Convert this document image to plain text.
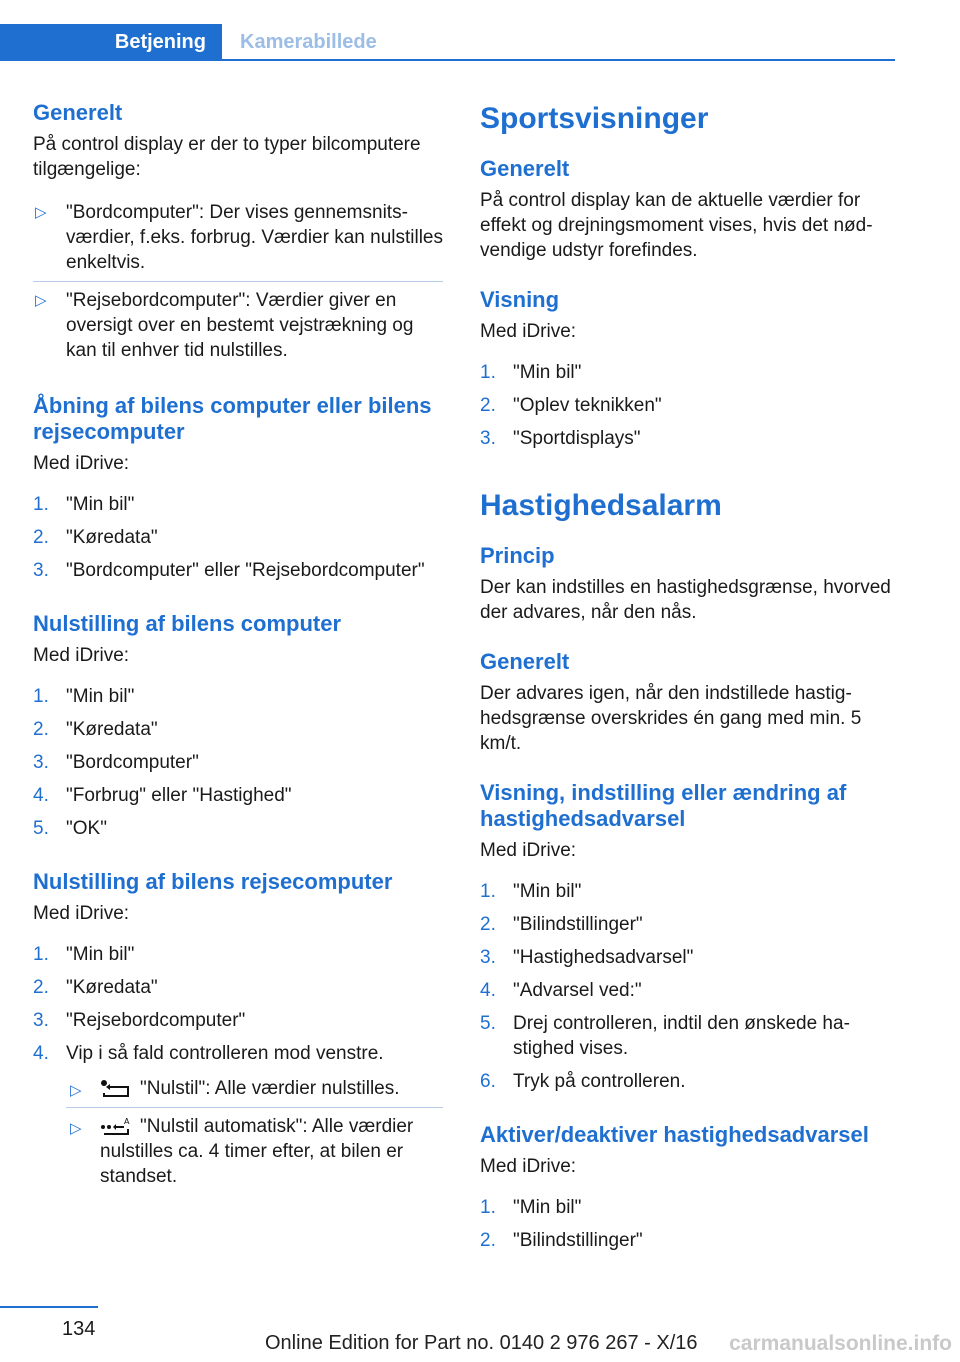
Betjening	Kamerabillede
Generelt

På control display er der to typer bilcomputere tilgængelige:

▷ "Bordcomputer": Der vises gennemsnitsværdier, f.eks. forbrug. Værdier kan nulstilles enkeltvis.
▷ "Rejsebordcomputer": Værdier giver en oversigt over en bestemt vejstrækning og kan til enhver tid nulstilles.
Åbning af bilens computer eller bilens rejsecomputer

Med iDrive:

1. "Min bil"
2. "Køredata"
3. "Bordcomputer" eller "Rejsebordcomputer"
Nulstilling af bilens computer

Med iDrive:

1. "Min bil"
2. "Køredata"
3. "Bordcomputer"
4. "Forbrug" eller "Hastighed"
5. "OK"
Nulstilling af bilens rejsecomputer

Med iDrive:

1. "Min bil"
2. "Køredata"
3. "Rejsebordcomputer"
4. Vip i så fald controlleren mod venstre.
▷	"Nulstil": Alle værdier nulstilles.
▷	A "Nulstil automatisk": Alle værdier nulstilles ca. 4 timer efter, at bilen er standset.
Sportsvisninger
Generelt

På control display kan de aktuelle værdier for effekt og drejningsmoment vises, hvis det nødvendige udstyr forefindes.

Visning

Med iDrive:

1. "Min bil"
2. "Oplev teknikken"
3. "Sportdisplays"
Hastighedsalarm
Princip

Der kan indstilles en hastighedsgrænse, hvorved der advares, når den nås.

Generelt

Der advares igen, når den indstillede hastighedsgrænse overskrides én gang med min. 5 km/t.

Visning, indstilling eller ændring af hastighedsadvarsel

Med iDrive:

1. "Min bil"
2. "Bilindstillinger"
3. "Hastighedsadvarsel"
4. "Advarsel ved:"
5. Drej controlleren, indtil den ønskede hastighed vises.
6. Tryk på controlleren.
Aktiver/deaktiver hastighedsadvarsel

Med iDrive:

1. "Min bil"
2. "Bilindstillinger"
134
Online Edition for Part no. 0140 2 976 267 - X/16 carmanualsonline.info
